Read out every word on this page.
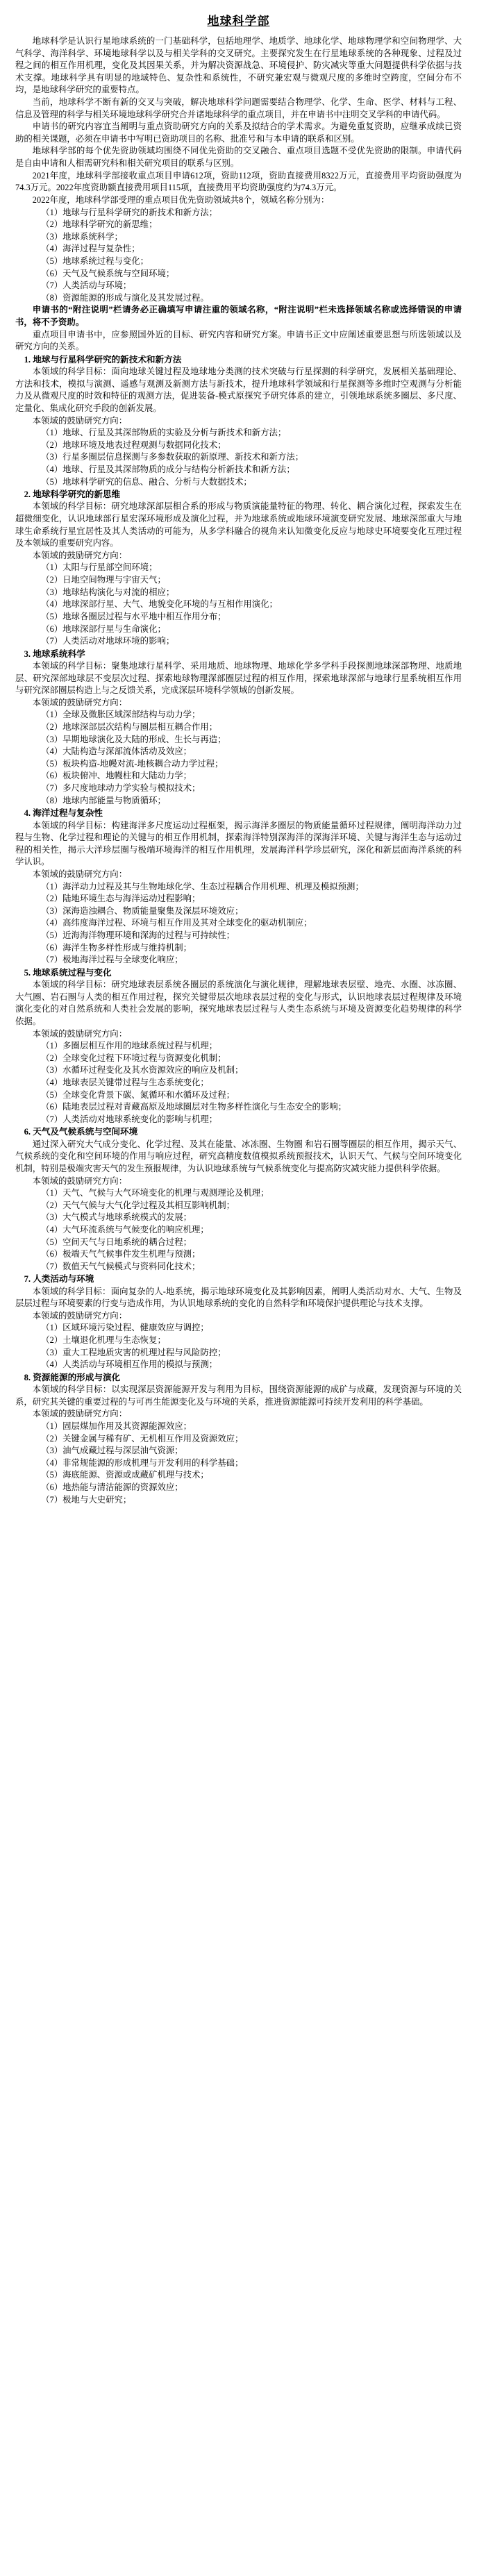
地球科学部

地球科学是认识行星地球系统的一门基础科学，包括地理学、地质学、地球化学、地球物理学和空间物理学、大气科学、海洋科学、环境地球科学以及与相关学科的交叉研究。主要探究发生在行星地球系统的各种现象、过程及过程之间的相互作用机理，变化及其因果关系，并为解决资源战急、环境侵护、防灾减灾等重大问题提供科学依据与技术支撑。地球科学具有明显的地域特色、复杂性和系统性，不研究兼宏观与微观尺度的多维时空跨度，空间分布不均，是地球科学研究的重要特点。

当前，地球科学不断有新的交叉与突破，解决地球科学问题需要结合物理学、化学、生命、医学、材料与工程、信息及管理的科学与相关环境地球科学研究合并诸地球科学的重点项目，并在申请书中注明交叉学科的申请代码。

申请书的研究内容宜当阐明与重点资助研究方向的关系及拟结合的学术需求。为避免重复资助，应继承成续已资助的相关课题，必须在申请书中写明已资助项目的名称、批准号和与本申请的联系和区别。

地球科学部的每个优先资助领域均围绕不同优先资助的交叉融合、重点项目选题不受优先资助的限制。申请代码是自由申请和人相需研究科和相关研究项目的联系与区别。

2021年度，地球科学部接收重点项目申请612项，资助112项，资助直接费用8322万元，直接费用平均资助强度为74.3万元。2022年度资助额直接费用项目115项，直接费用平均资助强度约为74.3万元。

2022年度，地球科学部受理的重点项目优先资助领域共8个，领域名称分别为：

（1）地球与行星科学研究的新技术和新方法；

（2）地球科学研究的新思维；

（3）地球系统科学；

（4）海洋过程与复杂性；

（5）地球系统过程与变化；

（6）天气及气候系统与空间环境；

（7）人类活动与环境；

（8）资源能源的形成与演化及其发展过程。

申请书的“附注说明”栏请务必正确填写申请注重的领域名称，“附注说明”栏未选择领域名称或选择错误的申请书，将不予资助。

重点项目申请书中，应参照国外近的目标、研究内容和研究方案。申请书正文中应阐述重要思想与所选领域以及研究方向的关系。

1. 地球与行星科学研究的新技术和新方法

本领域的科学目标：面向地球关键过程及地球地分类测的技术突破与行星探测的科学研究，发展相关基础理论、方法和技术，模拟与演测、遥感与观测及新测方法与新技术，提升地球科学领域和行星探测等多维时空观测与分析能力及从微观尺度的时效和特征的观测方法，促进装备-模式原探究予研究体系的建立，引领地球系统多圈层、多尺度、定量化、集成化研究手段的创新发展。

本领域的鼓励研究方向：

（1）地球、行星及其深部物质的实验及分析与新技术和新方法；

（2）地球环境及地表过程观测与数据同化技术；

（3）行星多圈层信息探测与多参数获取的新原理、新技术和新方法；

（4）地球、行星及其深部物质的成分与结构分析新技术和新方法；

（5）地球科学研究的信息、融合、分析与大数据技术；

2. 地球科学研究的新思维

本领域的科学目标：研究地球深部层相合系的形成与物质演能量特征的物理、转化、耦合演化过程，探索发生在超微细变化，认识地球部行星宏深环境形成及演化过程，并为地球系统或地球环境演变研究发展、地球深部重大与地球生命系统行星宜居性及其人类活动的可能为，从多学科融合的视角来认知微变化反应与地球史环境要变化互理过程及本领域的重要研究内容。

本领域的鼓励研究方向：

（1）太阳与行星部空间环境；

（2）日地空间物理与宇宙天气；

（3）地球结构演化与对流的相应；

（4）地球深部行星、大气、地貌变化环境的与互相作用演化；

（5）地球各圈层过程与水平地中相互作用分布；

（6）地球深部行星与生命演化；

（7）人类活动对地球环境的影响；

3. 地球系统科学

本领域的科学目标：聚集地球行星科学、采用地质、地球物理、地球化学多学科手段探测地球深部物理、地质地层、研究深部地球层不变层次过程、探索地球物理深部圈层过程的相互作用，探索地球深部与地球行星系统相互作用与研究深部圈层构造上与之反馈关系，完成深层环境科学领域的创新发展。

本领域的鼓励研究方向：

（1）全球及微胀区域深部结构与动力学；

（2）地球深部层次结构与圈层相互耦合作用；

（3）早期地球演化及大陆的形成、生长与再造；

（4）大陆构造与深部流体活动及效应；

（5）板块构造-地幔对流-地核耦合动力学过程；

（6）板块俯冲、地幔柱和大陆动力学；

（7）多尺度地球动力学实验与模拟技术；

（8）地球内部能量与物质循环；

4. 海洋过程与复杂性

本领域的科学目标：构建海洋多尺度运动过程框架，揭示海洋多圈层的物质能量循环过程规律，阐明海洋动力过程与生物、化学过程和理论的关键与的相互作用机制，探索海洋特别深海洋的深海洋环境、关键与海洋生态与运动过程的相关性，揭示大洋珍层圈与极端环境海洋的相互作用机理，发展海洋科学珍层研究，深化和新层面海洋系统的科学认识。

本领域的鼓励研究方向：

（1）海洋动力过程及其与生物地球化学、生态过程耦合作用机理、机理及模拟预测；

（2）陆地环境生态与海洋运动过程影响；

（3）深海造浊耦合、物质能量聚集及深层环境效应；

（4）高纬度海洋过程、环境与相互作用及其对全球变化的驱动机制应；

（5）近海海洋物理环境和深海的过程与可持续性；

（6）海洋生物多样性形成与维持机制；

（7）极地海洋过程与全球变化响应；

5. 地球系统过程与变化

本领域的科学目标：研究地球表层系统各圈层的系统演化与演化规律，理解地球表层壁、地壳、水圈、冰冻圈、大气圈、岩石圈与人类的相互作用过程，探究关键带层次地球表层过程的变化与形式，认识地球表层过程规律及环境演化变化的对自然系统和人类社会发展的影响，探究地球表层过程与人类生态系统与环境及资源变化趋势规律的科学依据。

本领域的鼓励研究方向：

（1）多圈层相互作用的地球系统过程与机理；

（2）全球变化过程下环境过程与资源变化机制；

（3）水循环过程变化及其水资源效应的响应及机制；

（4）地球表层关键带过程与生态系统变化；

（5）全球变化背景下碳、氮循环和水循环及过程；

（6）陆地表层过程对青藏高原及地球圈层对生物多样性演化与生态安全的影响；

（7）人类活动对地球系统变化的影响与机理；

6. 天气及气候系统与空间环境

通过深入研究大气成分变化、化学过程、及其在能量、冰冻圈、生物圈 和岩石圈等圈层的相互作用，揭示天气、气候系统的变化和空间环境的作用与响应过程，研究高精度数值模拟系统预报技术，认识天气、气候与空间环境变化机制，特别是极端灾害天气的发生预报规律，为认识地球系统与气候系统变化与提高防灾减灾能力提供科学依据。

本领域的鼓励研究方向：

（1）天气、气候与大气环境变化的机理与观测理论及机理；

（2）天气气候与大气化学过程及其相互影响机制；

（3）大气模式与地球系统模式的发展；

（4）大气环流系统与气候变化的响应机理；

（5）空间天气与日地系统的耦合过程；

（6）极端天气气候事件发生机理与预测；

（7）数值天气气候模式与资料同化技术；

7. 人类活动与环境

本领域的科学目标：面向复杂的人-地系统，揭示地球环境变化及其影响因素，阐明人类活动对水、大气、生物及层层过程与环境要素的行变与造成作用，为认识地球系统的变化的自然科学和环境保护提供理论与技术支撑。

本领域的鼓励研究方向：

（1）区域环境污染过程、健康效应与调控；

（2）土壤退化机理与生态恢复；

（3）重大工程地质灾害的机理过程与风险防控；

（4）人类活动与环境相互作用的模拟与预测；

8. 资源能源的形成与演化

本领域的科学目标：以实现深层资源能源开发与利用为目标，围绕资源能源的成矿与成藏，发现资源与环境的关系，研究其关键的重要过程的与可再生能源变化及与环境的关系，推进资源能源可持续开发利用的科学基础。

本领域的鼓励研究方向：

（1）固层煤加作用及其资源能源效应；

（2）关键金属与稀有矿、无机相互作用及资源效应；

（3）油气成藏过程与深层油气资源；

（4）非常规能源的形成机理与开发利用的科学基础；

（5）海底能源、资源或成藏矿机理与技术；

（6）地热能与清洁能源的资源效应；

（7）极地与大史研究；
